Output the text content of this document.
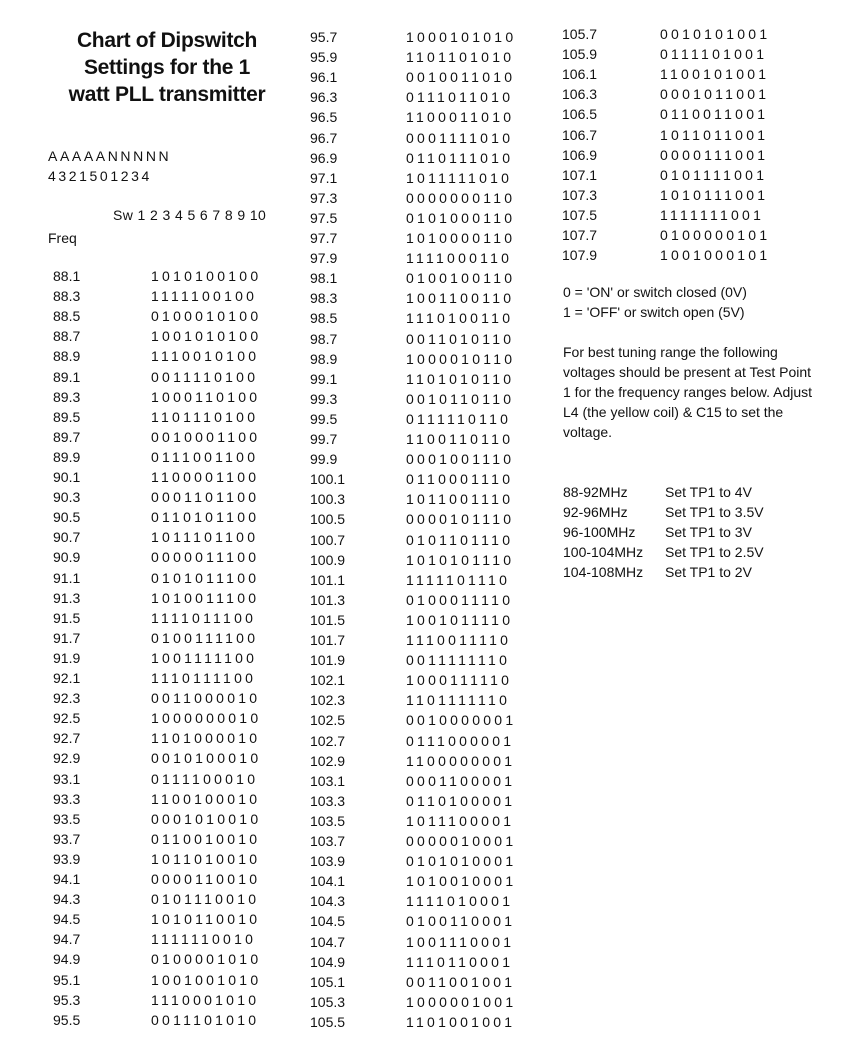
Chart of Dipswitch
Settings for the 1
watt PLL transmitter
AAAAANNNNN
4321501234
Sw 1 2 3 4 5 6 7 8 9 10
Freq
88.1	1010100100
88.3	1111100100
88.5	0100010100
88.7	1001010100
88.9	1110010100
89.1	0011110100
89.3	1000110100
89.5	1101110100
89.7	0010001100
89.9	0111001100
90.1	1100001100
90.3	0001101100
90.5	0110101100
90.7	1011101100
90.9	0000011100
91.1	0101011100
91.3	1010011100
91.5	1111011100
91.7	0100111100
91.9	1001111100
92.1	1110111100
92.3	0011000010
92.5	1000000010
92.7	1101000010
92.9	0010100010
93.1	0111100010
93.3	1100100010
93.5	0001010010
93.7	0110010010
93.9	1011010010
94.1	0000110010
94.3	0101110010
94.5	1010110010
94.7	1111110010
94.9	0100001010
95.1	1001001010
95.3	1110001010
95.5	0011101010
95.7	1000101010
95.9	1101101010
96.1	0010011010
96.3	0111011010
96.5	1100011010
96.7	0001111010
96.9	0110111010
97.1	1011111010
97.3	0000000110
97.5	0101000110
97.7	1010000110
97.9	1111000110
98.1	0100100110
98.3	1001100110
98.5	1110100110
98.7	0011010110
98.9	1000010110
99.1	1101010110
99.3	0010110110
99.5	0111110110
99.7	1100110110
99.9	0001001110
100.1	0110001110
100.3	1011001110
100.5	0000101110
100.7	0101101110
100.9	1010101110
101.1	1111101110
101.3	0100011110
101.5	1001011110
101.7	1110011110
101.9	0011111110
102.1	1000111110
102.3	1101111110
102.5	0010000001
102.7	0111000001
102.9	1100000001
103.1	0001100001
103.3	0110100001
103.5	1011100001
103.7	0000010001
103.9	0101010001
104.1	1010010001
104.3	1111010001
104.5	0100110001
104.7	1001110001
104.9	1110110001
105.1	0011001001
105.3	1000001001
105.5	1101001001
105.7	0010101001
105.9	0111101001
106.1	1100101001
106.3	0001011001
106.5	0110011001
106.7	1011011001
106.9	0000111001
107.1	0101111001
107.3	1010111001
107.5	1111111001
107.7	0100000101
107.9	1001000101
0 = 'ON' or switch closed (0V)
1 = 'OFF' or switch open (5V)
For best tuning range the following voltages should be present at Test Point 1 for the frequency ranges below. Adjust L4 (the yellow coil) & C15 to set the voltage.
88-92MHz	Set TP1 to 4V
92-96MHz	Set TP1 to 3.5V
96-100MHz Set TP1 to 3V
100-104MHz Set TP1 to 2.5V
104-108MHz Set TP1 to 2V
